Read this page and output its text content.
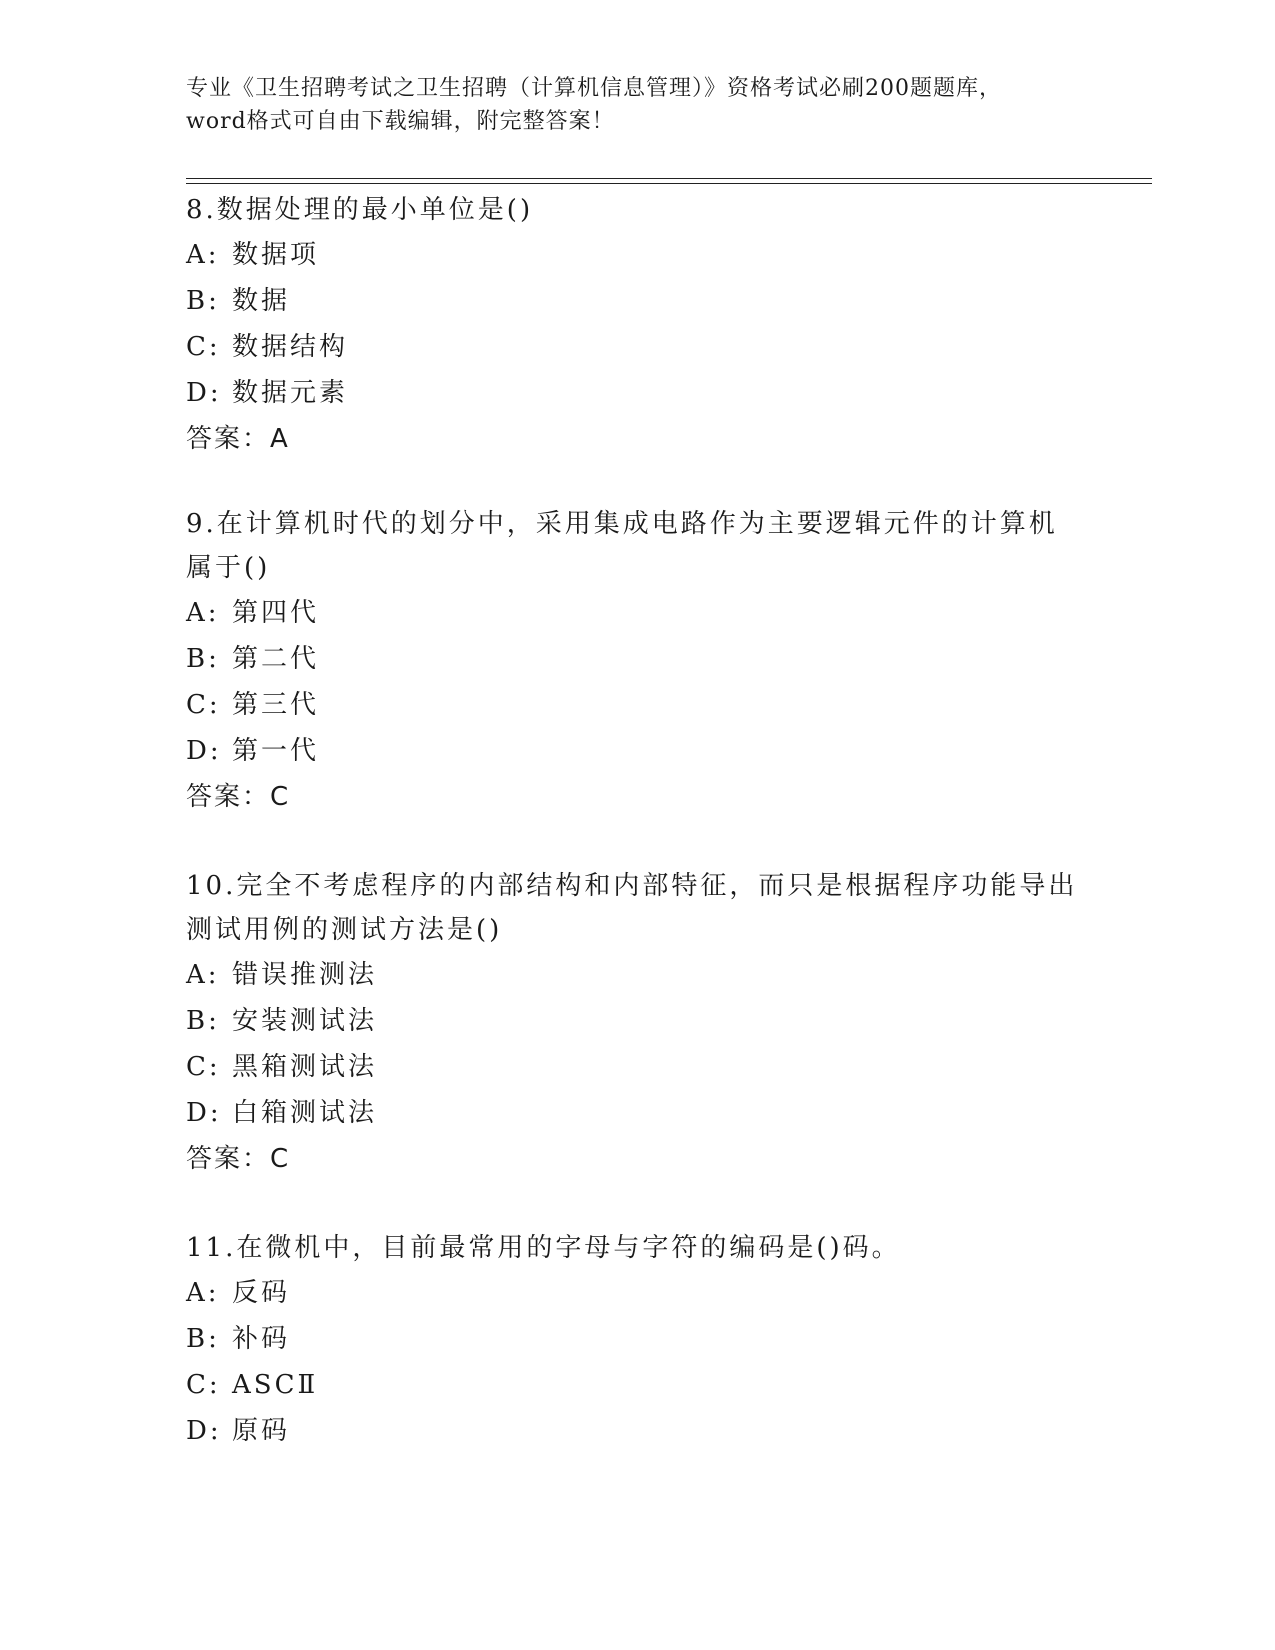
专业《卫生招聘考试之卫生招聘（计算机信息管理）》资格考试必刷200题题库，
word格式可自由下载编辑，附完整答案！

8.数据处理的最小单位是()

A: 数据项

B: 数据

C: 数据结构

D: 数据元素

答案：A

9.在计算机时代的划分中，采用集成电路作为主要逻辑元件的计算机属于()

A: 第四代

B: 第二代

C: 第三代

D: 第一代

答案：C

10.完全不考虑程序的内部结构和内部特征，而只是根据程序功能导出测试用例的测试方法是()

A: 错误推测法

B: 安装测试法

C: 黑箱测试法

D: 白箱测试法

答案：C

11.在微机中，目前最常用的字母与字符的编码是()码。

A: 反码

B: 补码

C: ASCⅡ

D: 原码
